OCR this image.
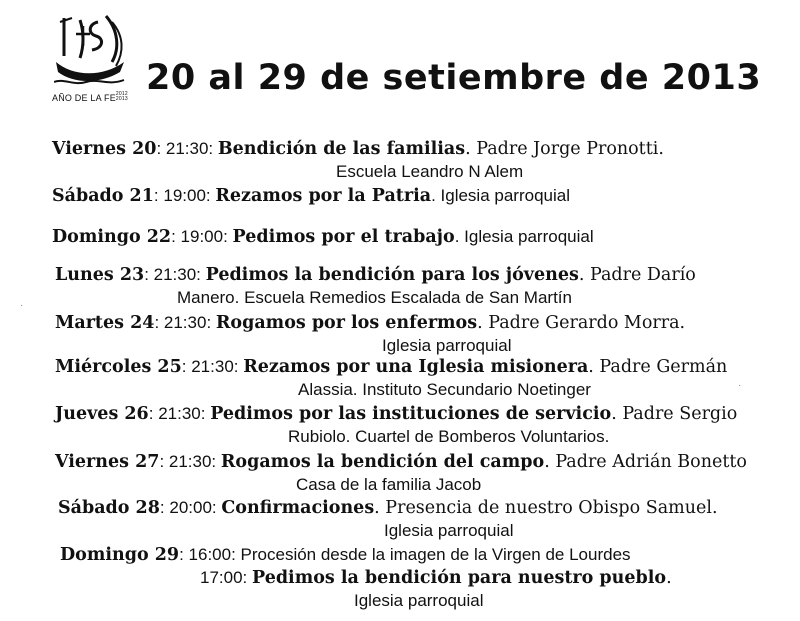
AÑO DE LA FE2012
2013
20 al 29 de setiembre de 2013
Viernes 20: 21:30: Bendición de las familias. Padre Jorge Pronotti.
Escuela Leandro N Alem
Sábado 21: 19:00: Rezamos por la Patria. Iglesia parroquial
Domingo 22: 19:00: Pedimos por el trabajo. Iglesia parroquial
Lunes 23: 21:30: Pedimos la bendición para los jóvenes. Padre Darío
Manero. Escuela Remedios Escalada de San Martín
Martes 24: 21:30: Rogamos por los enfermos. Padre Gerardo Morra.
Iglesia parroquial
Miércoles 25: 21:30: Rezamos por una Iglesia misionera. Padre Germán
Alassia. Instituto Secundario Noetinger
Jueves 26: 21:30: Pedimos por las instituciones de servicio. Padre Sergio
Rubiolo. Cuartel de Bomberos Voluntarios.
Viernes 27: 21:30: Rogamos la bendición del campo. Padre Adrián Bonetto
Casa de la familia Jacob
Sábado 28: 20:00: Confirmaciones. Presencia de nuestro Obispo Samuel.
Iglesia parroquial
Domingo 29: 16:00: Procesión desde la imagen de la Virgen de Lourdes
17:00: Pedimos la bendición para nuestro pueblo.
Iglesia parroquial
·
·
